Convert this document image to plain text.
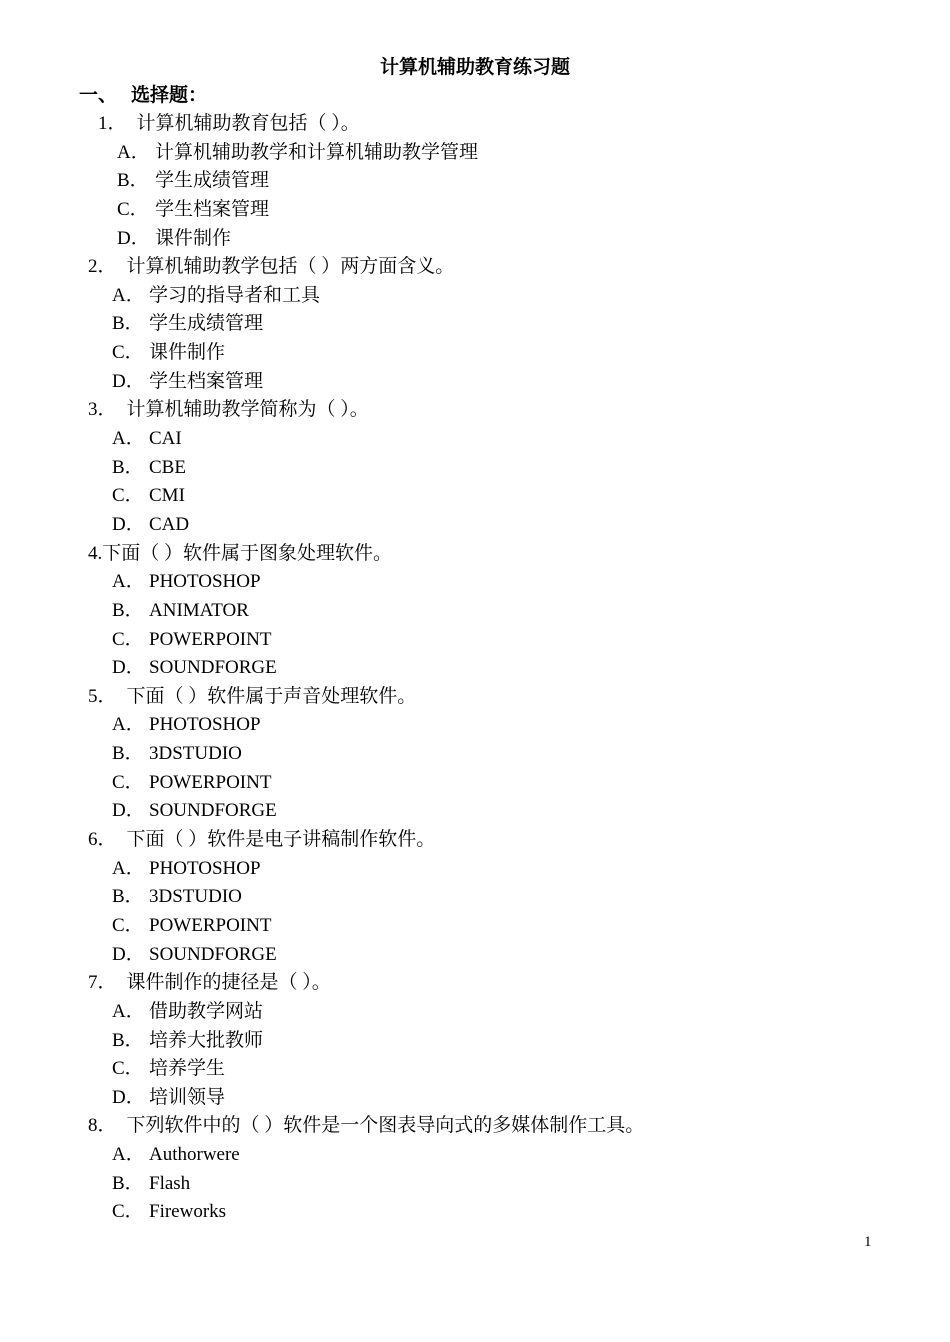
计算机辅助教育练习题
一、 选择题：
1． 计算机辅助教育包括（ ）。
A． 计算机辅助教学和计算机辅助教学管理
B． 学生成绩管理
C． 学生档案管理
D． 课件制作
2． 计算机辅助教学包括（ ）两方面含义。
A． 学习的指导者和工具
B． 学生成绩管理
C． 课件制作
D． 学生档案管理
3． 计算机辅助教学简称为（ ）。
A． CAI
B． CBE
C． CMI
D． CAD
4.下面（ ）软件属于图象处理软件。
A． PHOTOSHOP
B． ANIMATOR
C． POWERPOINT
D． SOUNDFORGE
5． 下面（ ）软件属于声音处理软件。
A． PHOTOSHOP
B． 3DSTUDIO
C． POWERPOINT
D． SOUNDFORGE
6． 下面（ ）软件是电子讲稿制作软件。
A． PHOTOSHOP
B． 3DSTUDIO
C． POWERPOINT
D． SOUNDFORGE
7． 课件制作的捷径是（ ）。
A． 借助教学网站
B． 培养大批教师
C． 培养学生
D． 培训领导
8． 下列软件中的（ ）软件是一个图表导向式的多媒体制作工具。
A． Authorwere
B． Flash
C． Fireworks
1
